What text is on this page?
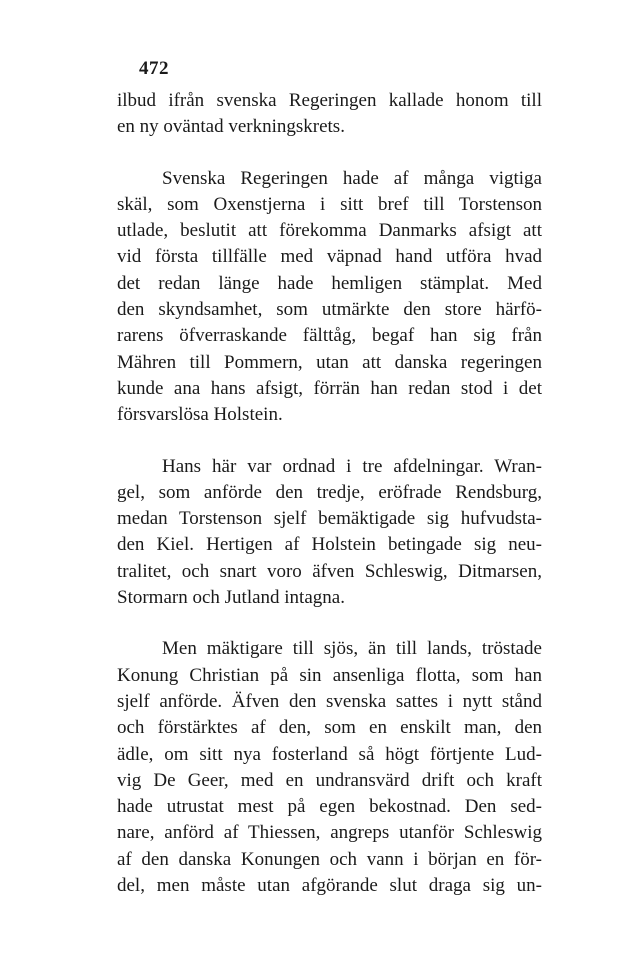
472
ilbud ifrån svenska Regeringen kallade honom till
en ny oväntad verkningskrets.
Svenska Regeringen hade af många vigtiga
skäl, som Oxenstjerna i sitt bref till Torstenson
utlade, beslutit att förekomma Danmarks afsigt att
vid första tillfälle med väpnad hand utföra hvad
det redan länge hade hemligen stämplat. Med
den skyndsamhet, som utmärkte den store härfö-
rarens öfverraskande fälttåg, begaf han sig från
Mähren till Pommern, utan att danska regeringen
kunde ana hans afsigt, förrän han redan stod i det
försvarslösa Holstein.
Hans här var ordnad i tre afdelningar. Wran-
gel, som anförde den tredje, eröfrade Rendsburg,
medan Torstenson sjelf bemäktigade sig hufvudsta-
den Kiel. Hertigen af Holstein betingade sig neu-
tralitet, och snart voro äfven Schleswig, Ditmarsen,
Stormarn och Jutland intagna.
Men mäktigare till sjös, än till lands, tröstade
Konung Christian på sin ansenliga flotta, som han
sjelf anförde. Äfven den svenska sattes i nytt stånd
och förstärktes af den, som en enskilt man, den
ädle, om sitt nya fosterland så högt förtjente Lud-
vig De Geer, med en undransvärd drift och kraft
hade utrustat mest på egen bekostnad. Den sed-
nare, anförd af Thiessen, angreps utanför Schleswig
af den danska Konungen och vann i början en för-
del, men måste utan afgörande slut draga sig un-
